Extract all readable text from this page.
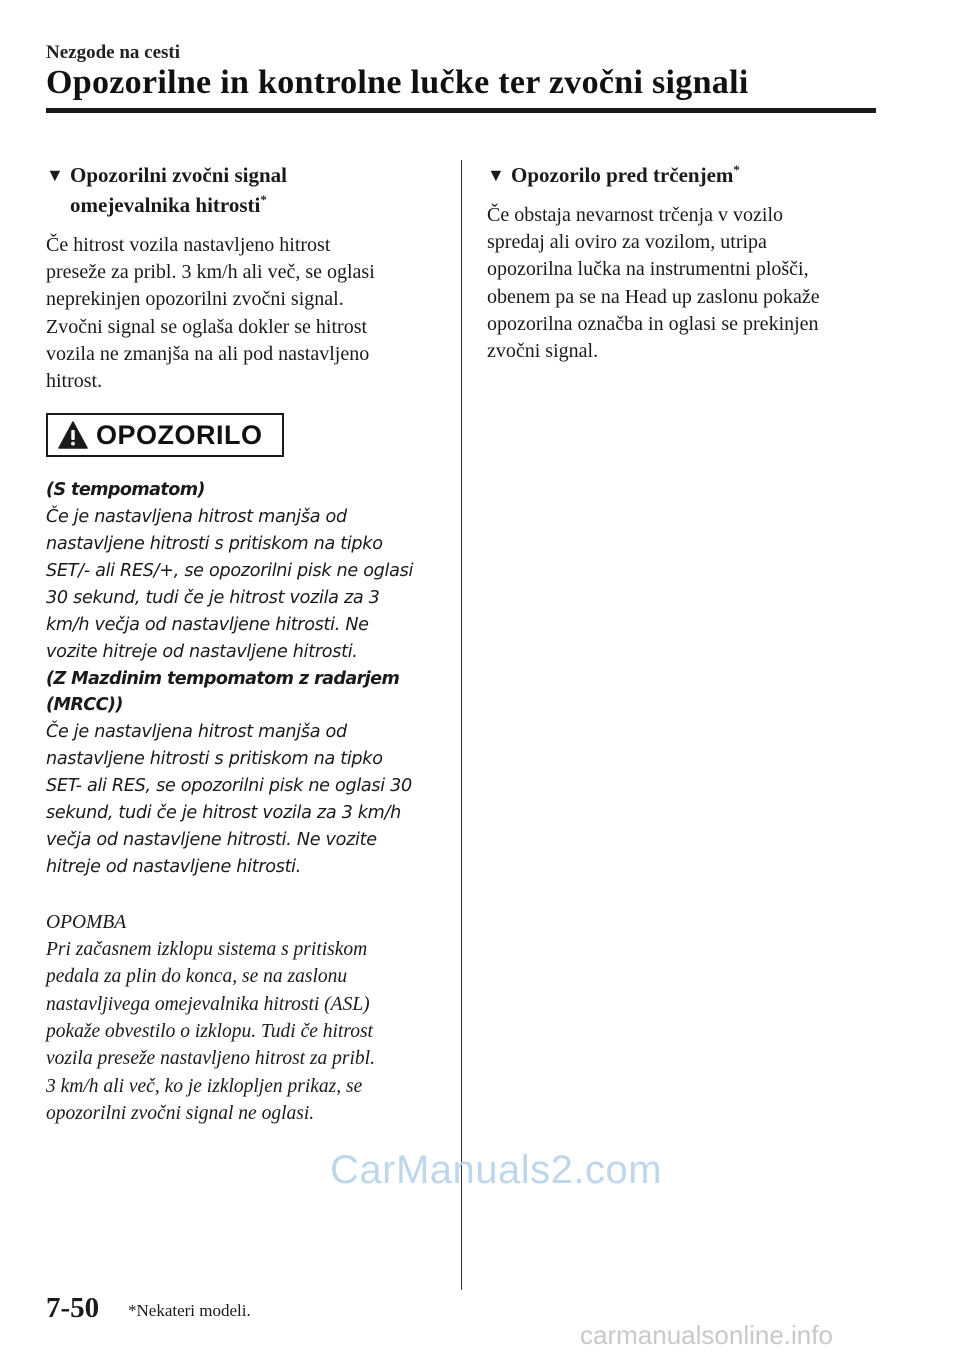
Nezgode na cesti
Opozorilne in kontrolne lučke ter zvočni signali
▼ Opozorilni zvočni signal
omejevalnika hitrosti*
Če hitrost vozila nastavljeno hitrost
preseže za pribl. 3 km/h ali več, se oglasi
neprekinjen opozorilni zvočni signal.
Zvočni signal se oglaša dokler se hitrost
vozila ne zmanjša na ali pod nastavljeno
hitrost.
OPOZORILO
(S tempomatom)
Če je nastavljena hitrost manjša od
nastavljene hitrosti s pritiskom na tipko
SET/- ali RES/+, se opozorilni pisk ne oglasi
30 sekund, tudi če je hitrost vozila za 3
km/h večja od nastavljene hitrosti. Ne
vozite hitreje od nastavljene hitrosti.
(Z Mazdinim tempomatom z radarjem
(MRCC))
Če je nastavljena hitrost manjša od
nastavljene hitrosti s pritiskom na tipko
SET- ali RES, se opozorilni pisk ne oglasi 30
sekund, tudi če je hitrost vozila za 3 km/h
večja od nastavljene hitrosti. Ne vozite
hitreje od nastavljene hitrosti.
OPOMBA
Pri začasnem izklopu sistema s pritiskom
pedala za plin do konca, se na zaslonu
nastavljivega omejevalnika hitrosti (ASL)
pokaže obvestilo o izklopu. Tudi če hitrost
vozila preseže nastavljeno hitrost za pribl.
3 km/h ali več, ko je izklopljen prikaz, se
opozorilni zvočni signal ne oglasi.
▼ Opozorilo pred trčenjem*
Če obstaja nevarnost trčenja v vozilo
spredaj ali oviro za vozilom, utripa
opozorilna lučka na instrumentni plošči,
obenem pa se na Head up zaslonu pokaže
opozorilna označba in oglasi se prekinjen
zvočni signal.
CarManuals2.com
7-50 *Nekateri modeli.
carmanualsonline.info
